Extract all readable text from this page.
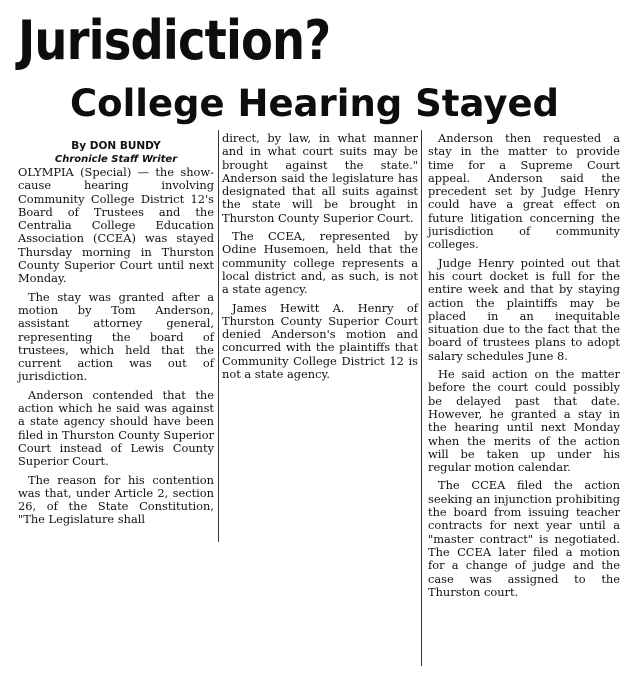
Jurisdiction?
College Hearing Stayed

By DON BUNDY

Chronicle Staff Writer

OLYMPIA (Special) — the show-cause hearing involving Community College District 12's Board of Trustees and the Centralia College Education Association (CCEA) was stayed Thursday morning in Thurston County Superior Court until next Monday.

The stay was granted after a motion by Tom Anderson, assistant attorney general, representing the board of trustees, which held that the current action was out of jurisdiction.

Anderson contended that the action which he said was against a state agency should have been filed in Thurston County Superior Court instead of Lewis County Superior Court.

The reason for his contention was that, under Article 2, section 26, of the State Constitution, "The Legislature shall

direct, by law, in what manner and in what court suits may be brought against the state." Anderson said the legislature has designated that all suits against the state will be brought in Thurston County Superior Court.

The CCEA, represented by Odine Husemoen, held that the community college represents a local district and, as such, is not a state agency.

James Hewitt A. Henry of Thurston County Superior Court denied Anderson's motion and concurred with the plaintiffs that Community College District 12 is not a state agency.

Anderson then requested a stay in the matter to provide time for a Supreme Court appeal. Anderson said the precedent set by Judge Henry could have a great effect on future litigation concerning the jurisdiction of community colleges.

Judge Henry pointed out that his court docket is full for the entire week and that by staying action the plaintiffs may be placed in an inequitable situation due to the fact that the board of trustees plans to adopt salary schedules June 8.

He said action on the matter before the court could possibly be delayed past that date. However, he granted a stay in the hearing until next Monday when the merits of the action will be taken up under his regular motion calendar.

The CCEA filed the action seeking an injunction prohibiting the board from issuing teacher contracts for next year until a "master contract" is negotiated. The CCEA later filed a motion for a change of judge and the case was assigned to the Thurston court.
